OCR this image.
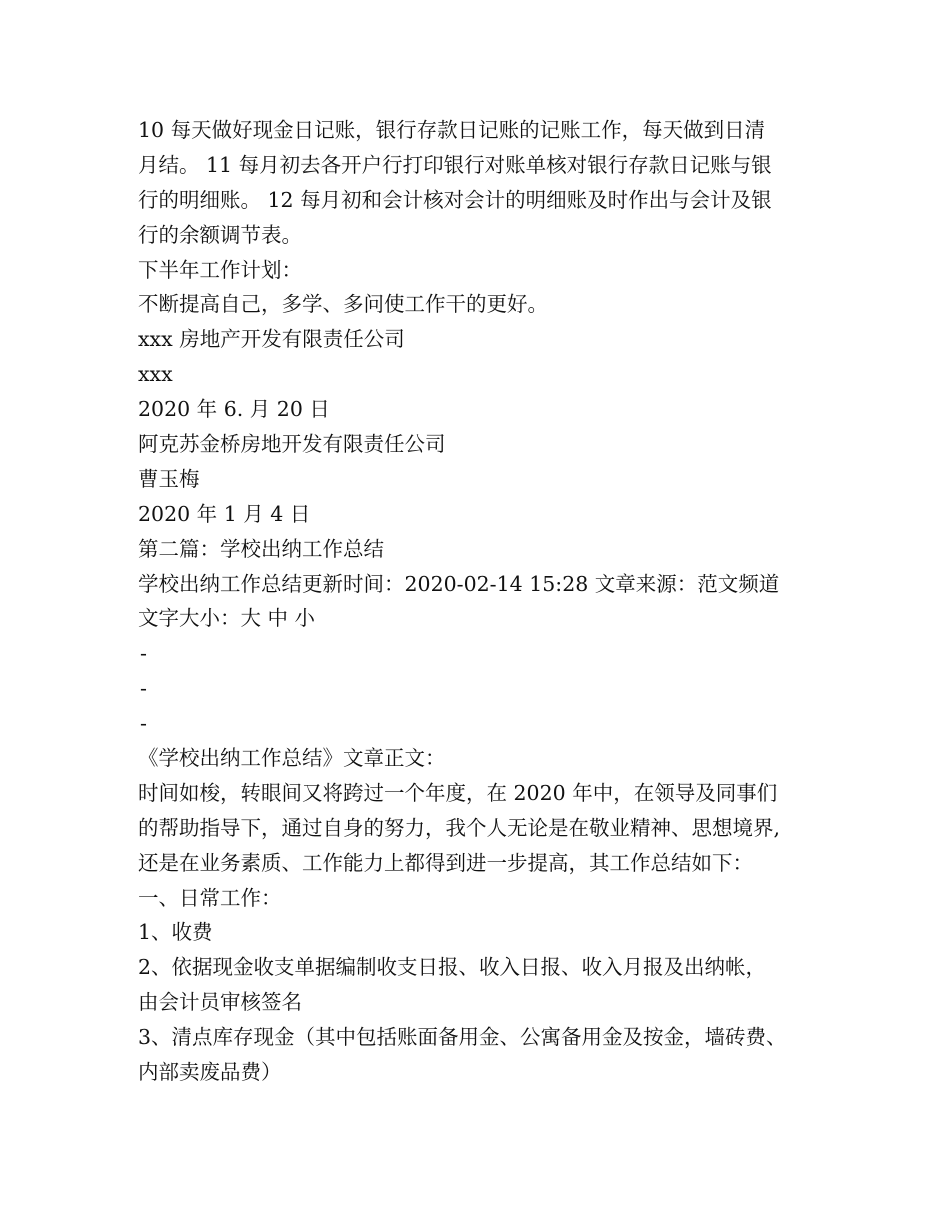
10 每天做好现金日记账，银行存款日记账的记账工作，每天做到日清
月结。 11 每月初去各开户行打印银行对账单核对银行存款日记账与银
行的明细账。 12 每月初和会计核对会计的明细账及时作出与会计及银
行的余额调节表。
下半年工作计划：
不断提高自己，多学、多问使工作干的更好。
xxx 房地产开发有限责任公司
xxx
2020 年 6. 月 20 日
阿克苏金桥房地开发有限责任公司
曹玉梅
2020 年 1 月 4 日
第二篇：学校出纳工作总结
学校出纳工作总结更新时间：2020-02-14 15:28 文章来源：范文频道
文字大小：大 中 小
-
-
-
《学校出纳工作总结》文章正文：
时间如梭，转眼间又将跨过一个年度，在 2020 年中，在领导及同事们
的帮助指导下，通过自身的努力，我个人无论是在敬业精神、思想境界,
还是在业务素质、工作能力上都得到进一步提高，其工作总结如下：
一、日常工作：
1、收费
2、依据现金收支单据编制收支日报、收入日报、收入月报及出纳帐，
由会计员审核签名
3、清点库存现金（其中包括账面备用金、公寓备用金及按金，墙砖费、
内部卖废品费）
